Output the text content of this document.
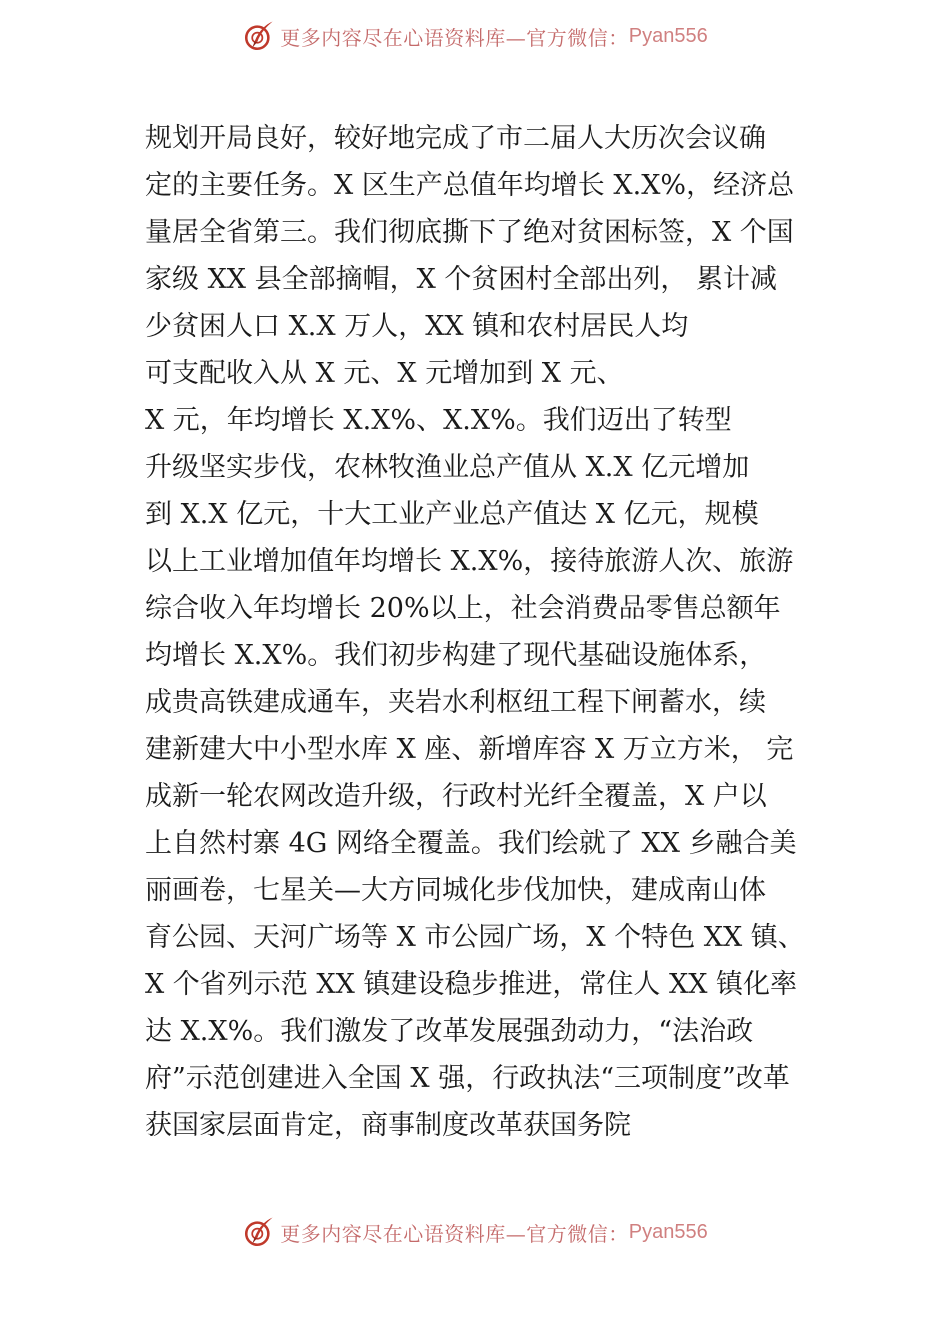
更多内容尽在心语资料库—官方微信： Pyan556
规划开局良好，较好地完成了市二届人大历次会议确
定的主要任务。X 区生产总值年均增长 X.X%，经济总
量居全省第三。我们彻底撕下了绝对贫困标签，X 个国
家级 XX 县全部摘帽，X 个贫困村全部出列， 累计减
少贫困人口 X.X 万人，XX 镇和农村居民人均
可支配收入从 X 元、X 元增加到 X 元、
X 元，年均增长 X.X%、X.X%。我们迈出了转型
升级坚实步伐，农林牧渔业总产值从 X.X 亿元增加
到 X.X 亿元，十大工业产业总产值达 X 亿元，规模
以上工业增加值年均增长 X.X%，接待旅游人次、旅游
综合收入年均增长 20%以上，社会消费品零售总额年
均增长 X.X%。我们初步构建了现代基础设施体系，
成贵高铁建成通车，夹岩水利枢纽工程下闸蓄水，续
建新建大中小型水库 X 座、新增库容 X 万立方米， 完
成新一轮农网改造升级，行政村光纤全覆盖，X 户以
上自然村寨 4G 网络全覆盖。我们绘就了 XX 乡融合美
丽画卷，七星关—大方同城化步伐加快，建成南山体
育公园、天河广场等 X 市公园广场，X 个特色 XX 镇、
X 个省列示范 XX 镇建设稳步推进，常住人 XX 镇化率
达 X.X%。我们激发了改革发展强劲动力，“法治政
府”示范创建进入全国 X 强，行政执法“三项制度”改革
获国家层面肯定，商事制度改革获国务院
更多内容尽在心语资料库—官方微信： Pyan556
